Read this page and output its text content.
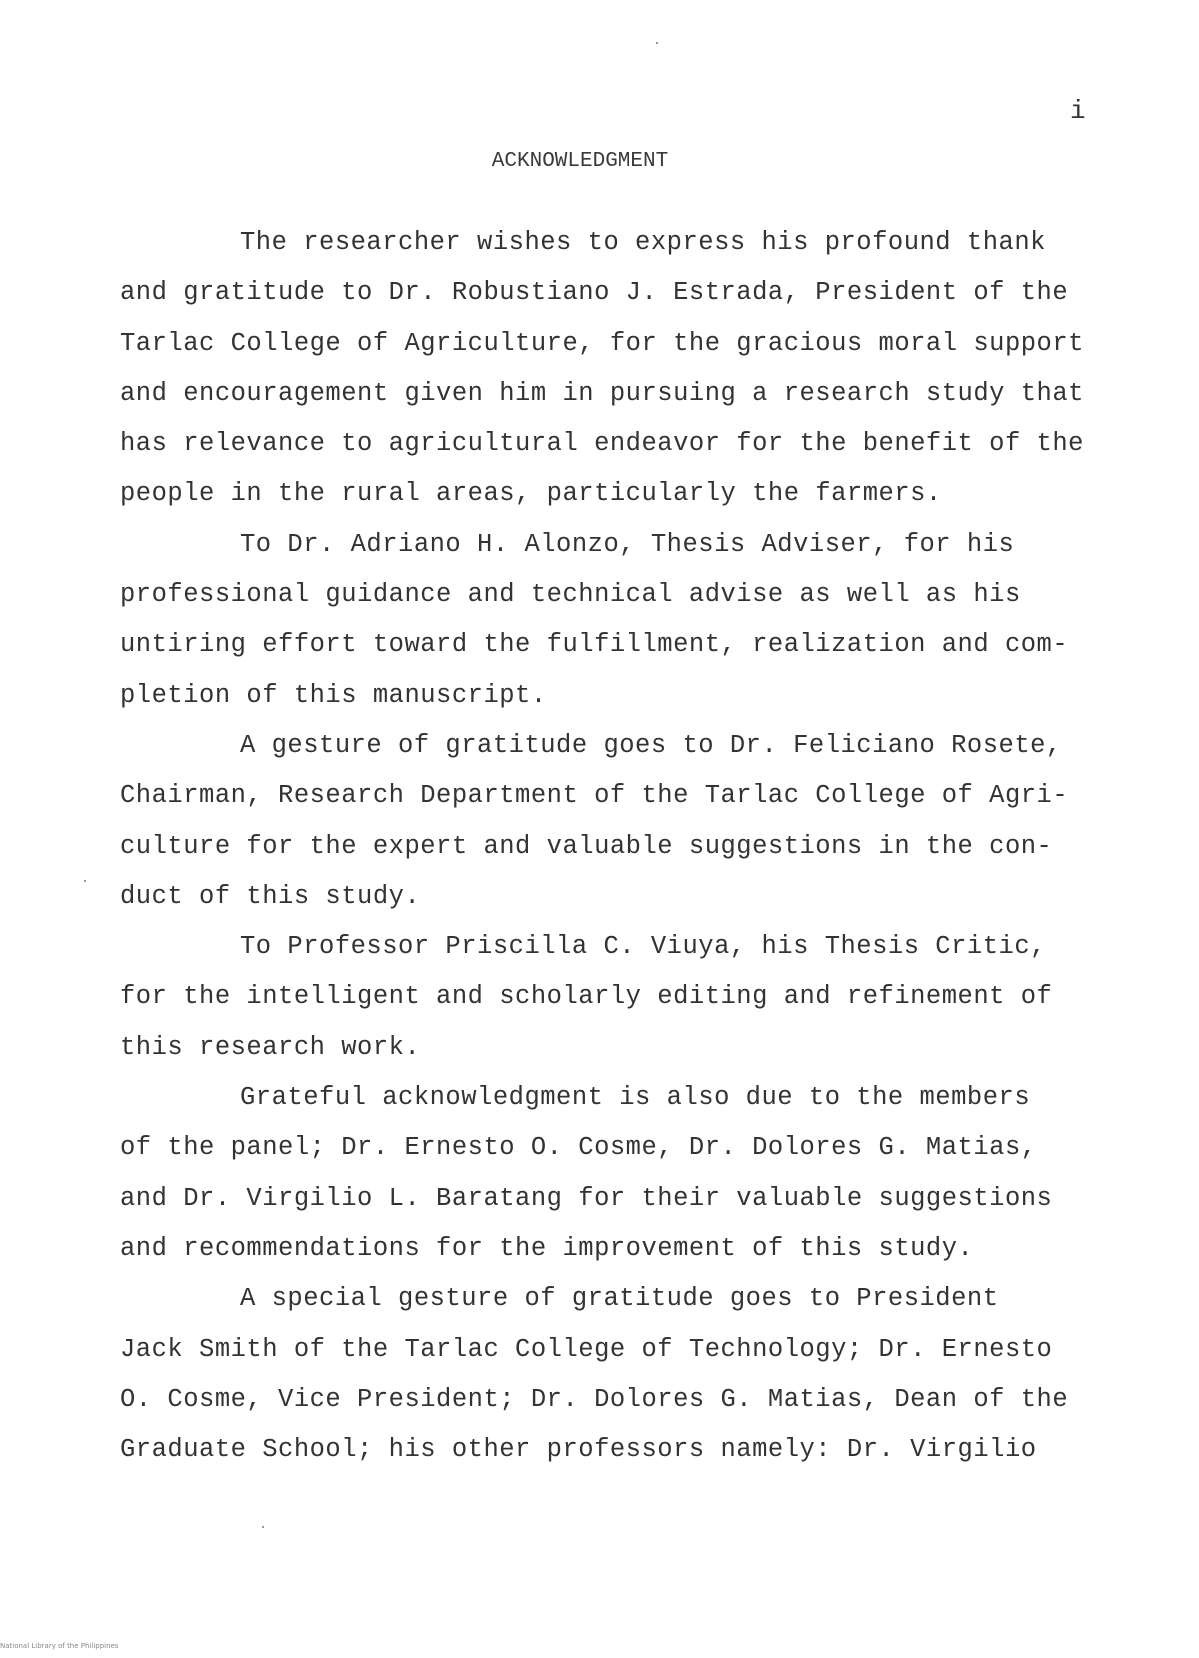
i
ACKNOWLEDGMENT
The researcher wishes to express his profound thank
and gratitude to Dr. Robustiano J. Estrada, President of the
Tarlac College of Agriculture, for the gracious moral support
and encouragement given him in pursuing a research study that
has relevance to agricultural endeavor for the benefit of the
people in the rural areas, particularly the farmers.
To Dr. Adriano H. Alonzo, Thesis Adviser, for his
professional guidance and technical advise as well as his
untiring effort toward the fulfillment, realization and com-
pletion of this manuscript.
A gesture of gratitude goes to Dr. Feliciano Rosete,
Chairman, Research Department of the Tarlac College of Agri-
culture for the expert and valuable suggestions in the con-
duct of this study.
To Professor Priscilla C. Viuya, his Thesis Critic,
for the intelligent and scholarly editing and refinement of
this research work.
Grateful acknowledgment is also due to the members
of the panel; Dr. Ernesto O. Cosme, Dr. Dolores G. Matias,
and Dr. Virgilio L. Baratang for their valuable suggestions
and recommendations for the improvement of this study.
A special gesture of gratitude goes to President
Jack Smith of the Tarlac College of Technology; Dr. Ernesto
O. Cosme, Vice President; Dr. Dolores G. Matias, Dean of the
Graduate School; his other professors namely: Dr. Virgilio
National Library of the Philippines
